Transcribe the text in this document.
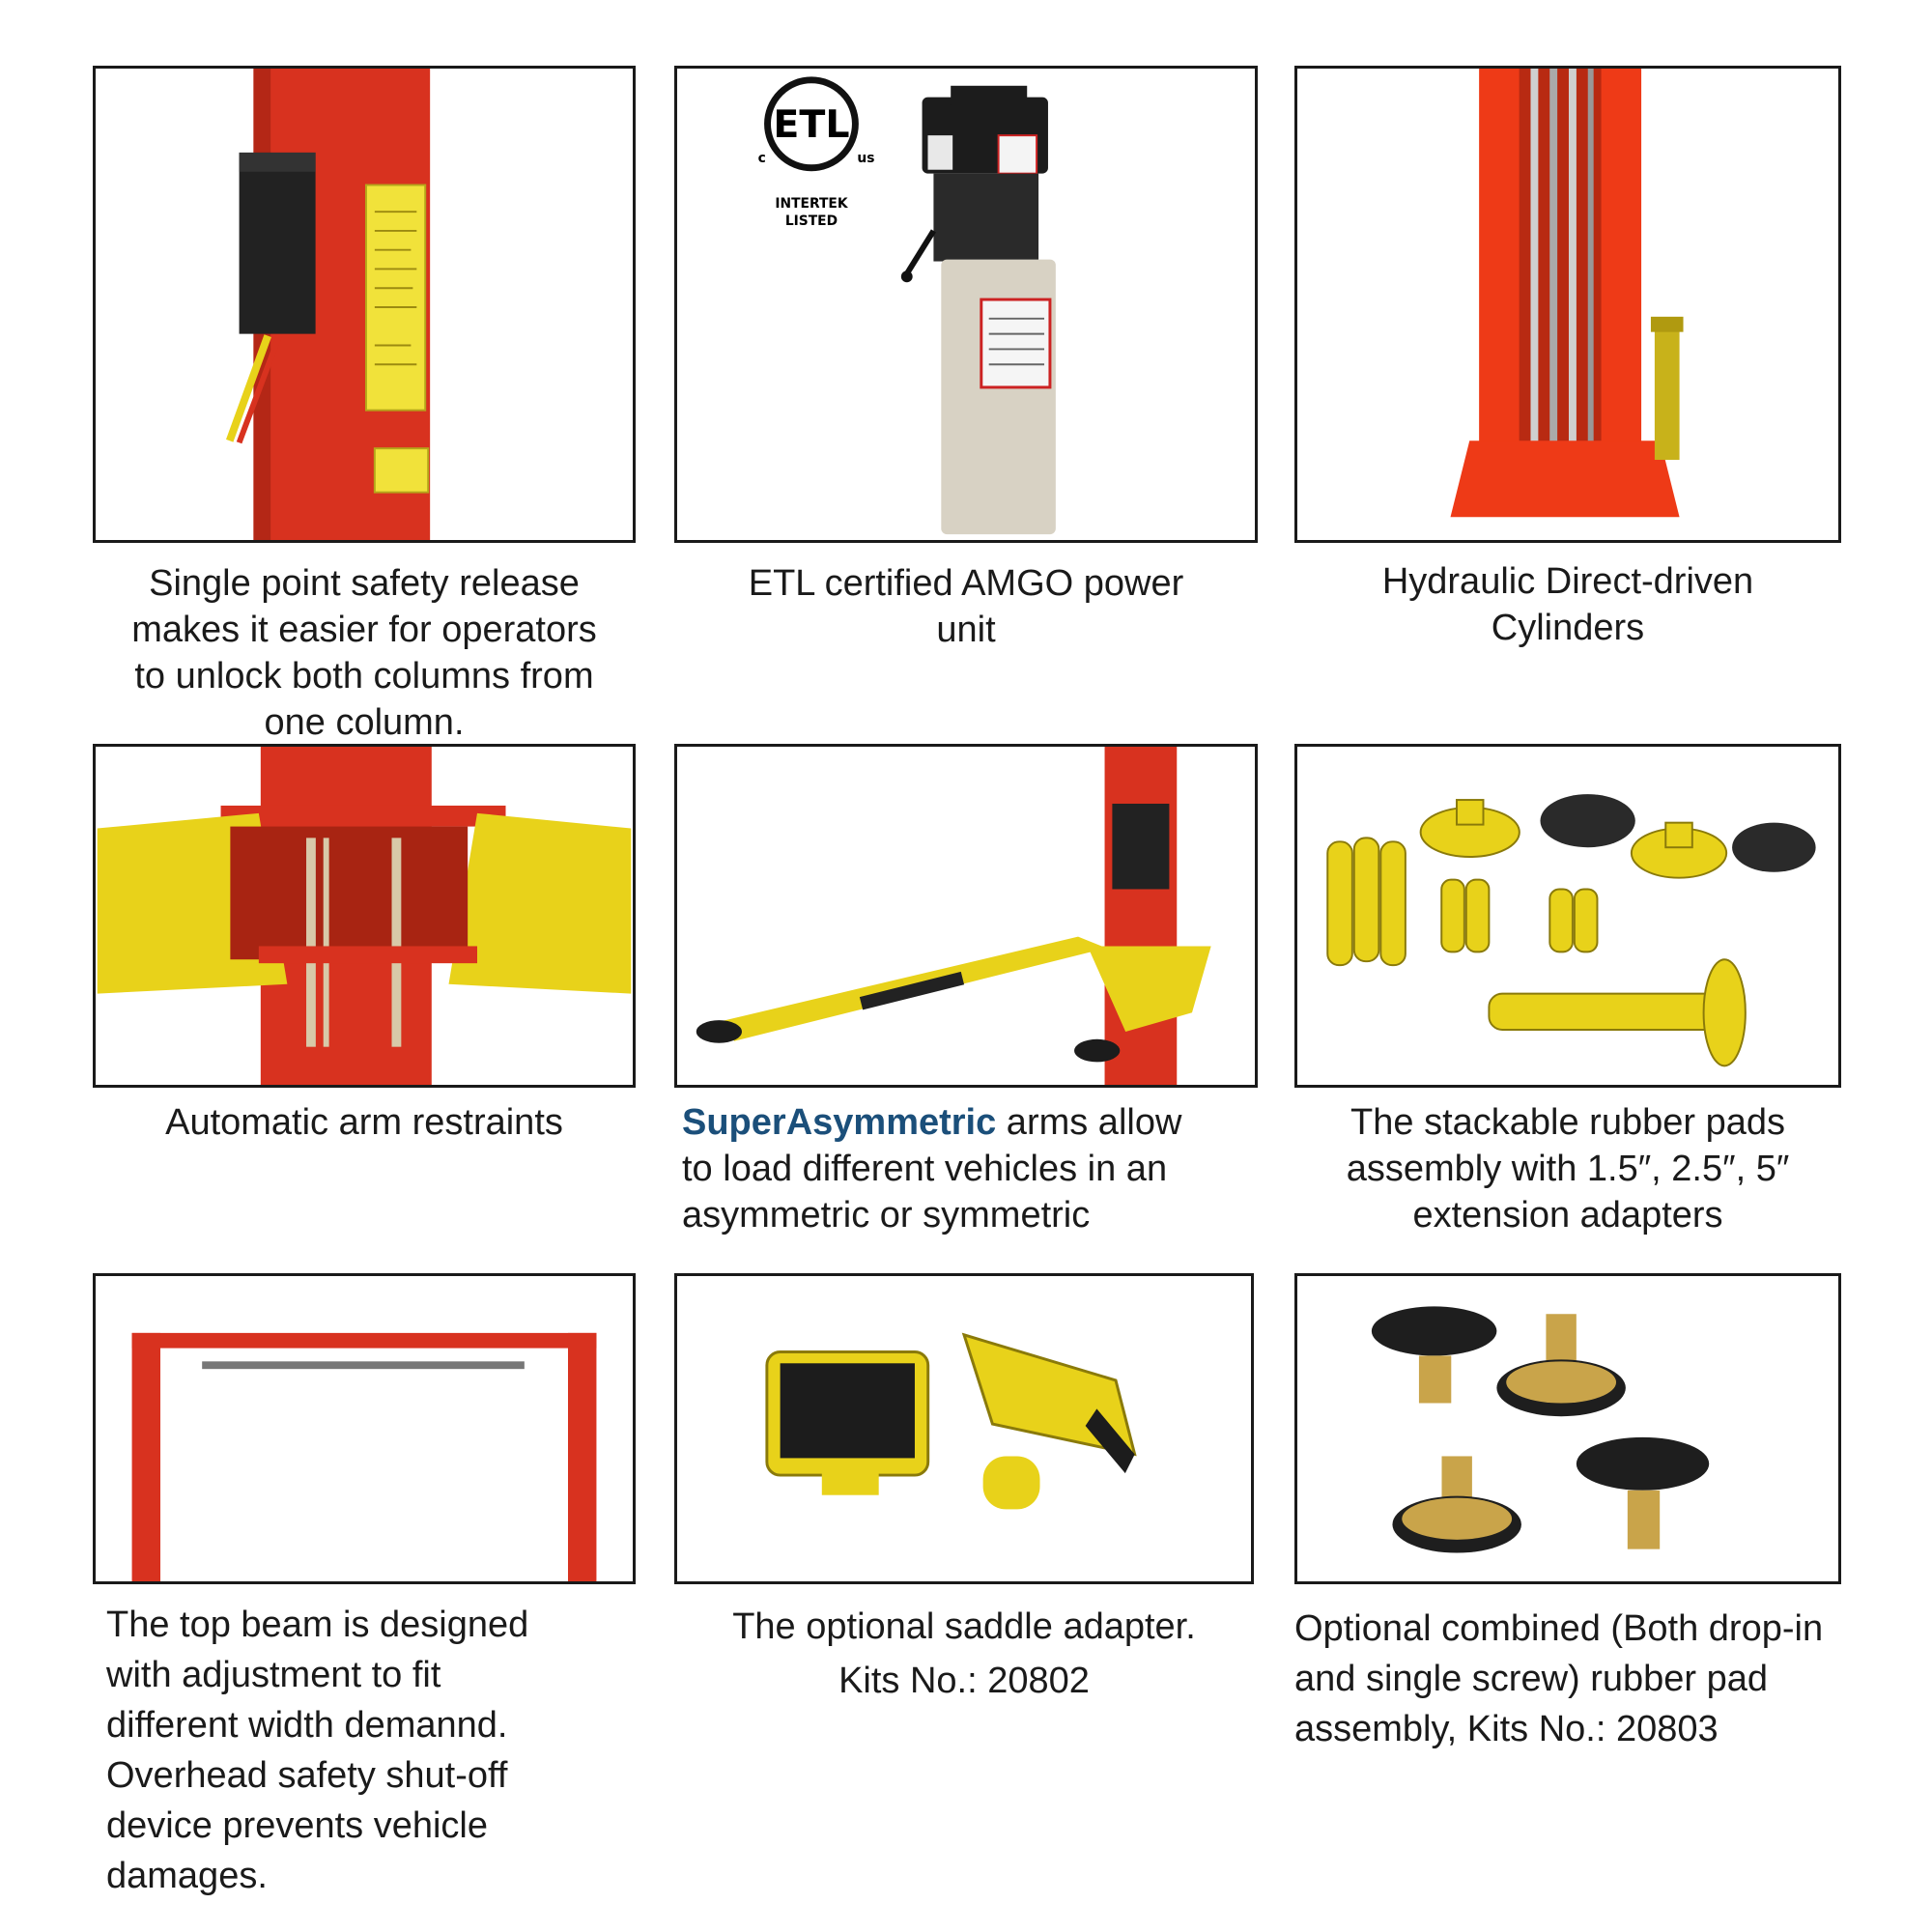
Single point safety release
makes it easier for operators
to unlock both columns from
one column.
ETL
c	us
INTERTEK
LISTED
ETL certified AMGO power
unit
Hydraulic Direct-driven
Cylinders
Automatic arm restraints	SuperAsymmetric arms allow
to load different vehicles in an
asymmetric or symmetric
The stackable rubber pads
assembly with 1.5″, 2.5″, 5″
extension adapters
The top beam is designed
with adjustment to fit
different width demannd.
Overhead safety shut-off
device prevents vehicle damages.
The optional saddle adapter.
Kits No.: 20802
Optional combined (Both drop-in
and single screw) rubber pad
assembly, Kits No.: 20803
